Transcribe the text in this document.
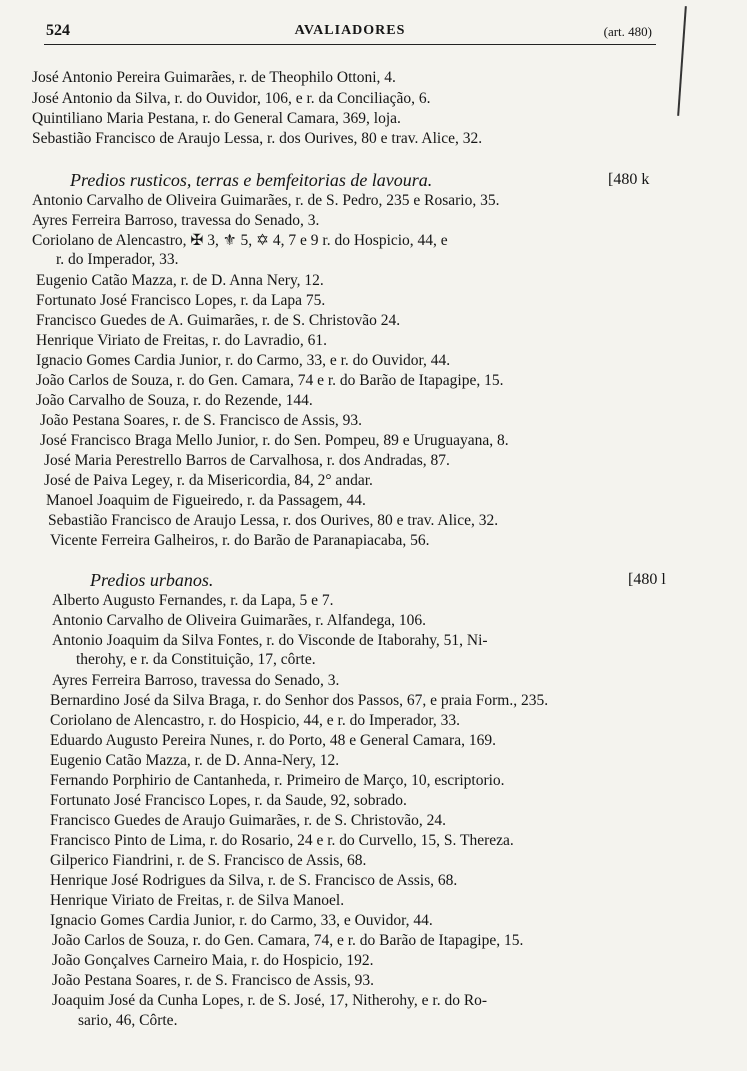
524	AVALIADORES	(art. 480)
José Antonio Pereira Guimarães, r. de Theophilo Ottoni, 4.
José Antonio da Silva, r. do Ouvidor, 106, e r. da Conciliação, 6.
Quintiliano Maria Pestana, r. do General Camara, 369, loja.
Sebastião Francisco de Araujo Lessa, r. dos Ourives, 80 e trav. Alice, 32.
Predios rusticos, terras e bemfeitorias de lavoura.	[480 k
Antonio Carvalho de Oliveira Guimarães, r. de S. Pedro, 235 e Rosario, 35.
Ayres Ferreira Barroso, travessa do Senado, 3.
Coriolano de Alencastro, ✠ 3, ⚜ 5, ✡ 4, 7 e 9 r. do Hospicio, 44, e
r. do Imperador, 33.
Eugenio Catão Mazza, r. de D. Anna Nery, 12.
Fortunato José Francisco Lopes, r. da Lapa 75.
Francisco Guedes de A. Guimarães, r. de S. Christovão 24.
Henrique Viriato de Freitas, r. do Lavradio, 61.
Ignacio Gomes Cardia Junior, r. do Carmo, 33, e r. do Ouvidor, 44.
João Carlos de Souza, r. do Gen. Camara, 74 e r. do Barão de Itapagipe, 15.
João Carvalho de Souza, r. do Rezende, 144.
João Pestana Soares, r. de S. Francisco de Assis, 93.
José Francisco Braga Mello Junior, r. do Sen. Pompeu, 89 e Uruguayana, 8.
José Maria Perestrello Barros de Carvalhosa, r. dos Andradas, 87.
José de Paiva Legey, r. da Misericordia, 84, 2° andar.
Manoel Joaquim de Figueiredo, r. da Passagem, 44.
Sebastião Francisco de Araujo Lessa, r. dos Ourives, 80 e trav. Alice, 32.
Vicente Ferreira Galheiros, r. do Barão de Paranapiacaba, 56.
Predios urbanos.	[480 l
Alberto Augusto Fernandes, r. da Lapa, 5 e 7.
Antonio Carvalho de Oliveira Guimarães, r. Alfandega, 106.
Antonio Joaquim da Silva Fontes, r. do Visconde de Itaborahy, 51, Ni-
therohy, e r. da Constituição, 17, côrte.
Ayres Ferreira Barroso, travessa do Senado, 3.
Bernardino José da Silva Braga, r. do Senhor dos Passos, 67, e praia Form., 235.
Coriolano de Alencastro, r. do Hospicio, 44, e r. do Imperador, 33.
Eduardo Augusto Pereira Nunes, r. do Porto, 48 e General Camara, 169.
Eugenio Catão Mazza, r. de D. Anna-Nery, 12.
Fernando Porphirio de Cantanheda, r. Primeiro de Março, 10, escriptorio.
Fortunato José Francisco Lopes, r. da Saude, 92, sobrado.
Francisco Guedes de Araujo Guimarães, r. de S. Christovão, 24.
Francisco Pinto de Lima, r. do Rosario, 24 e r. do Curvello, 15, S. Thereza.
Gilperico Fiandrini, r. de S. Francisco de Assis, 68.
Henrique José Rodrigues da Silva, r. de S. Francisco de Assis, 68.
Henrique Viriato de Freitas, r. de Silva Manoel.
Ignacio Gomes Cardia Junior, r. do Carmo, 33, e Ouvidor, 44.
João Carlos de Souza, r. do Gen. Camara, 74, e r. do Barão de Itapagipe, 15.
João Gonçalves Carneiro Maia, r. do Hospicio, 192.
João Pestana Soares, r. de S. Francisco de Assis, 93.
Joaquim José da Cunha Lopes, r. de S. José, 17, Nitherohy, e r. do Ro-
sario, 46, Côrte.
